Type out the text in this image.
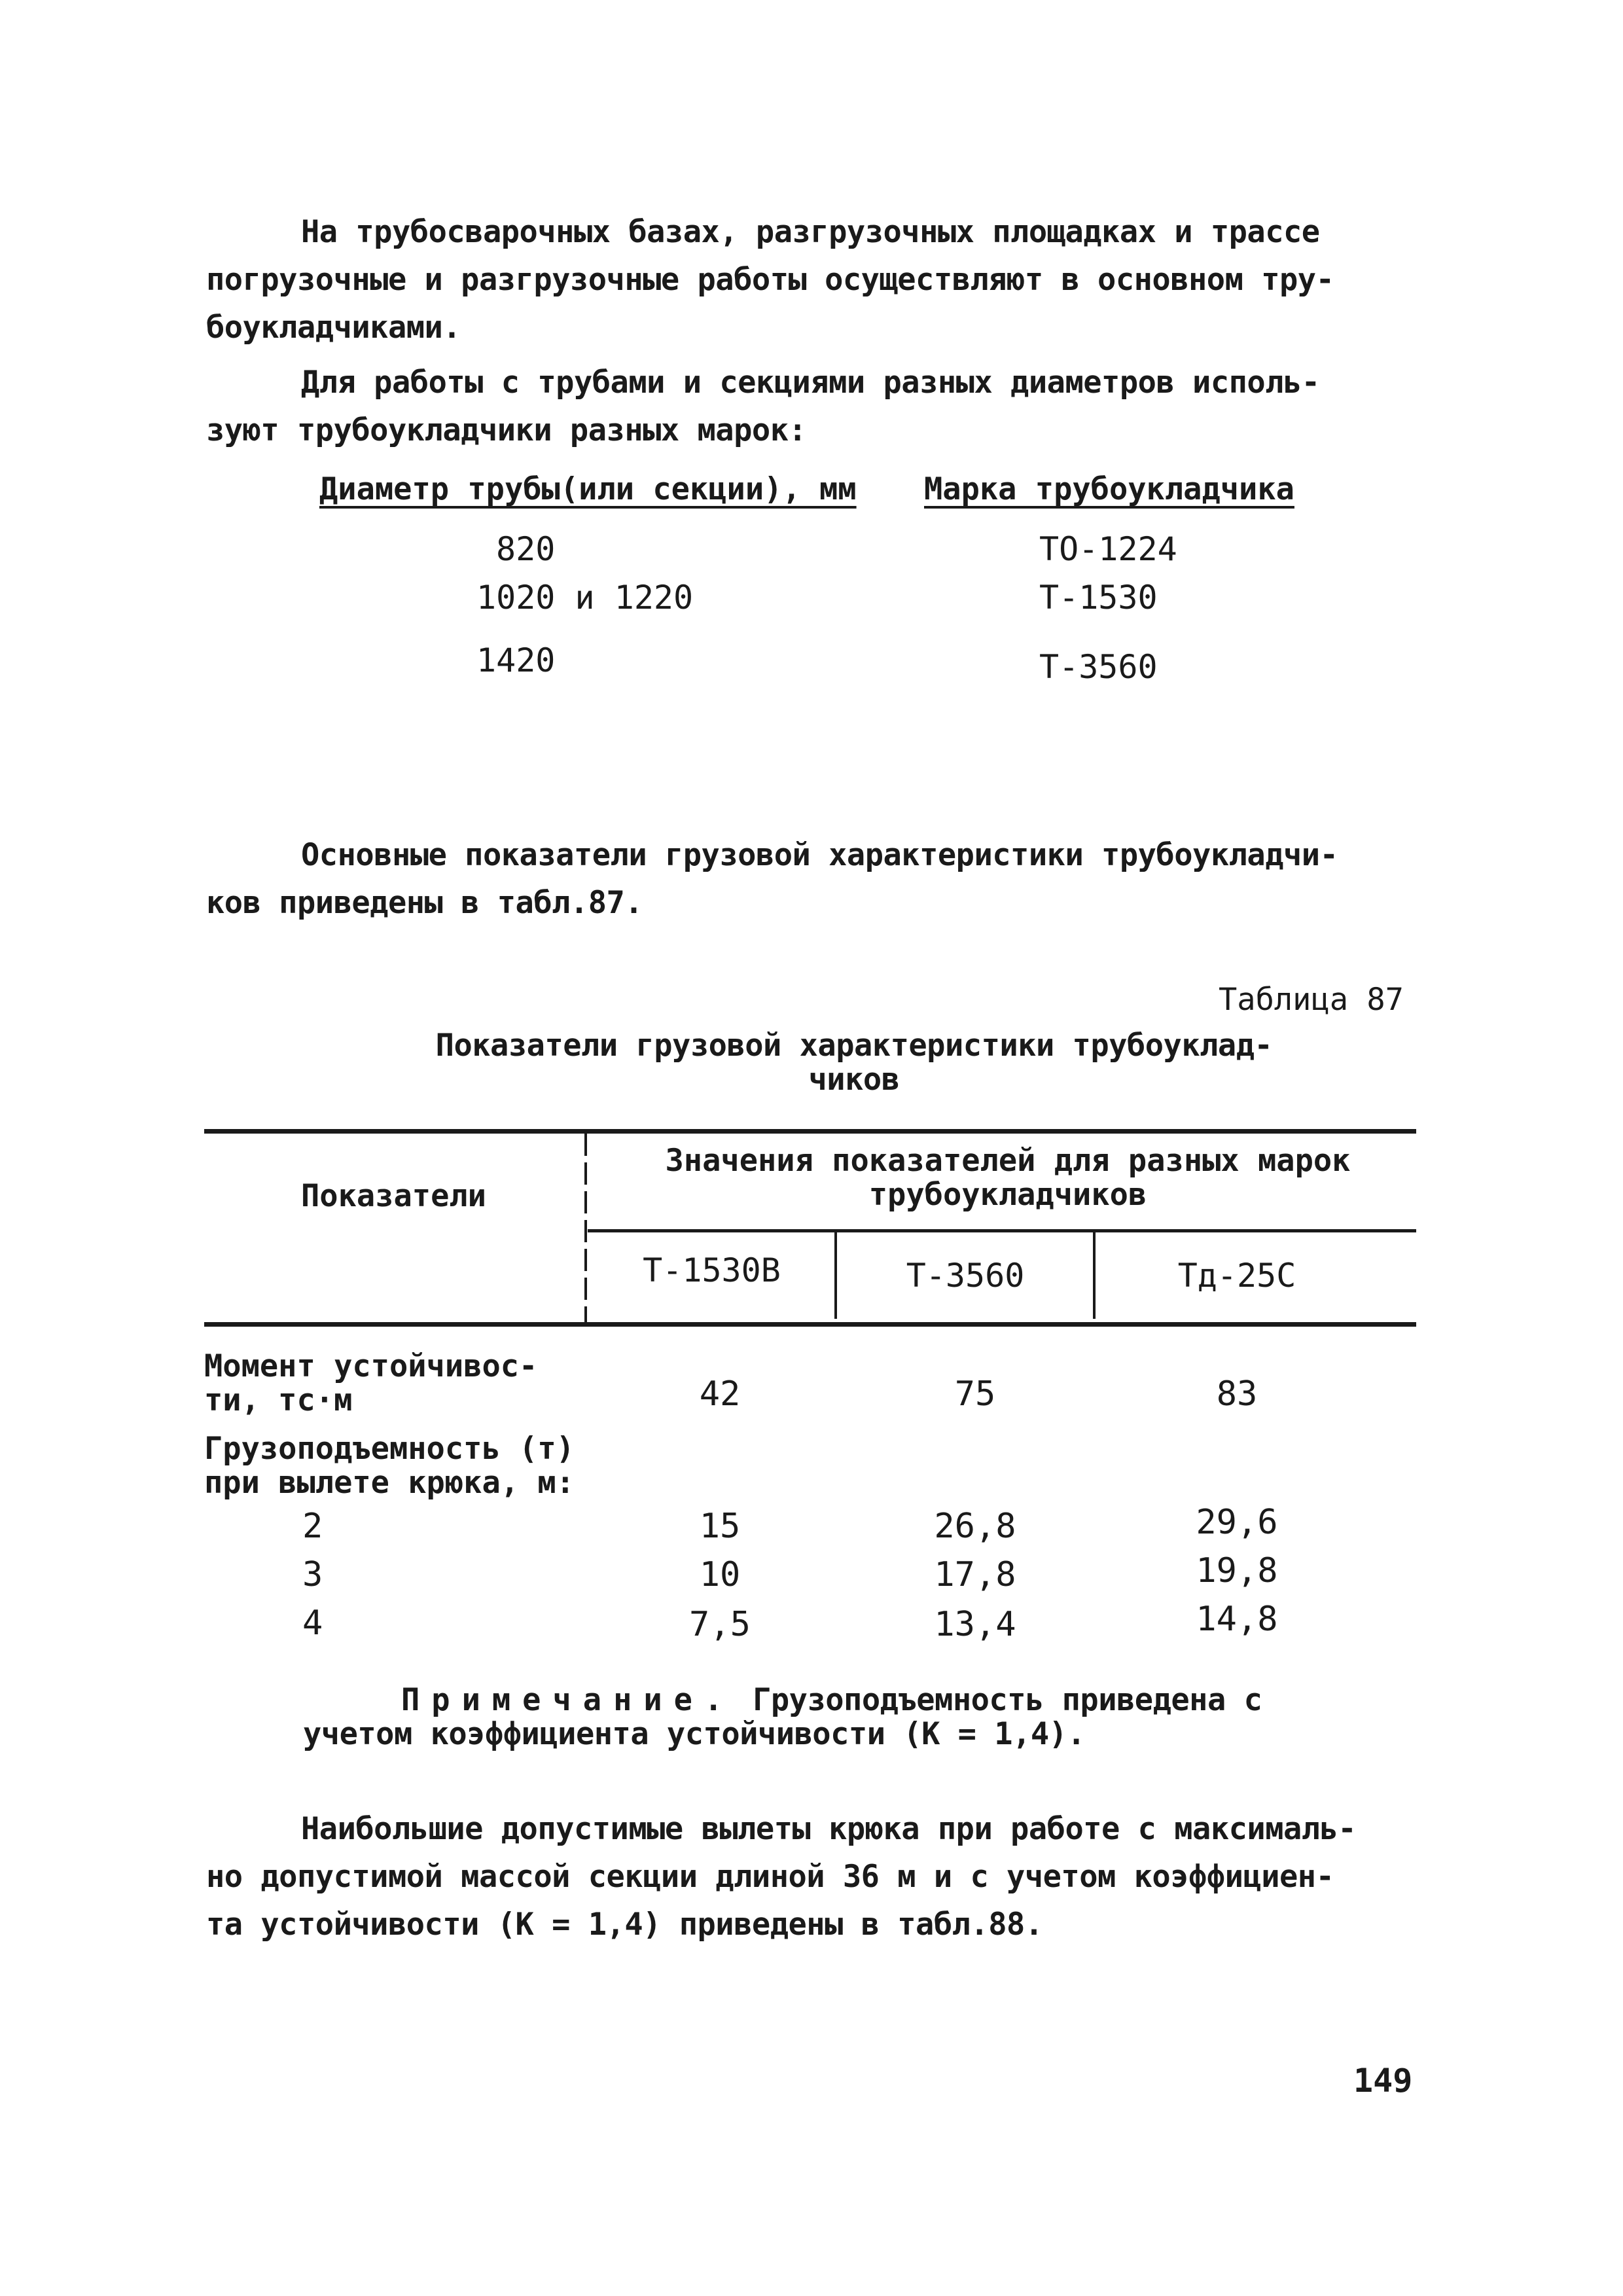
На трубосварочных базах, разгрузочных площадках и трассе
погрузочные и разгрузочные работы осуществляют в основном тру-
боукладчиками.
Для работы с трубами и секциями разных диаметров исполь-
зуют трубоукладчики разных марок:
Диаметр трубы(или секции), мм Марка трубоукладчика
820	ТО-1224
1020 и 1220	Т-1530
1420	Т-3560
Основные показатели грузовой характеристики трубоукладчи-
ков приведены в табл.87.
Таблица 87
Показатели грузовой характеристики трубоуклад-
чиков
Показатели
Значения показателей для разных марок
трубоукладчиков
Т-1530В	Т-3560	Тд-25С
Момент устойчивос-
ти, тс·м	42	75	83
Грузоподъемность (т)
при вылете крюка, м:
2	15	26,8	29,6
3	10	17,8	19,8
4	7,5	13,4	14,8
Примечание. Грузоподъемность приведена с
учетом коэффициента устойчивости (К = 1,4).
Наибольшие допустимые вылеты крюка при работе с максималь-
но допустимой массой секции длиной 36 м и с учетом коэффициен-
та устойчивости (К = 1,4) приведены в табл.88.
149
